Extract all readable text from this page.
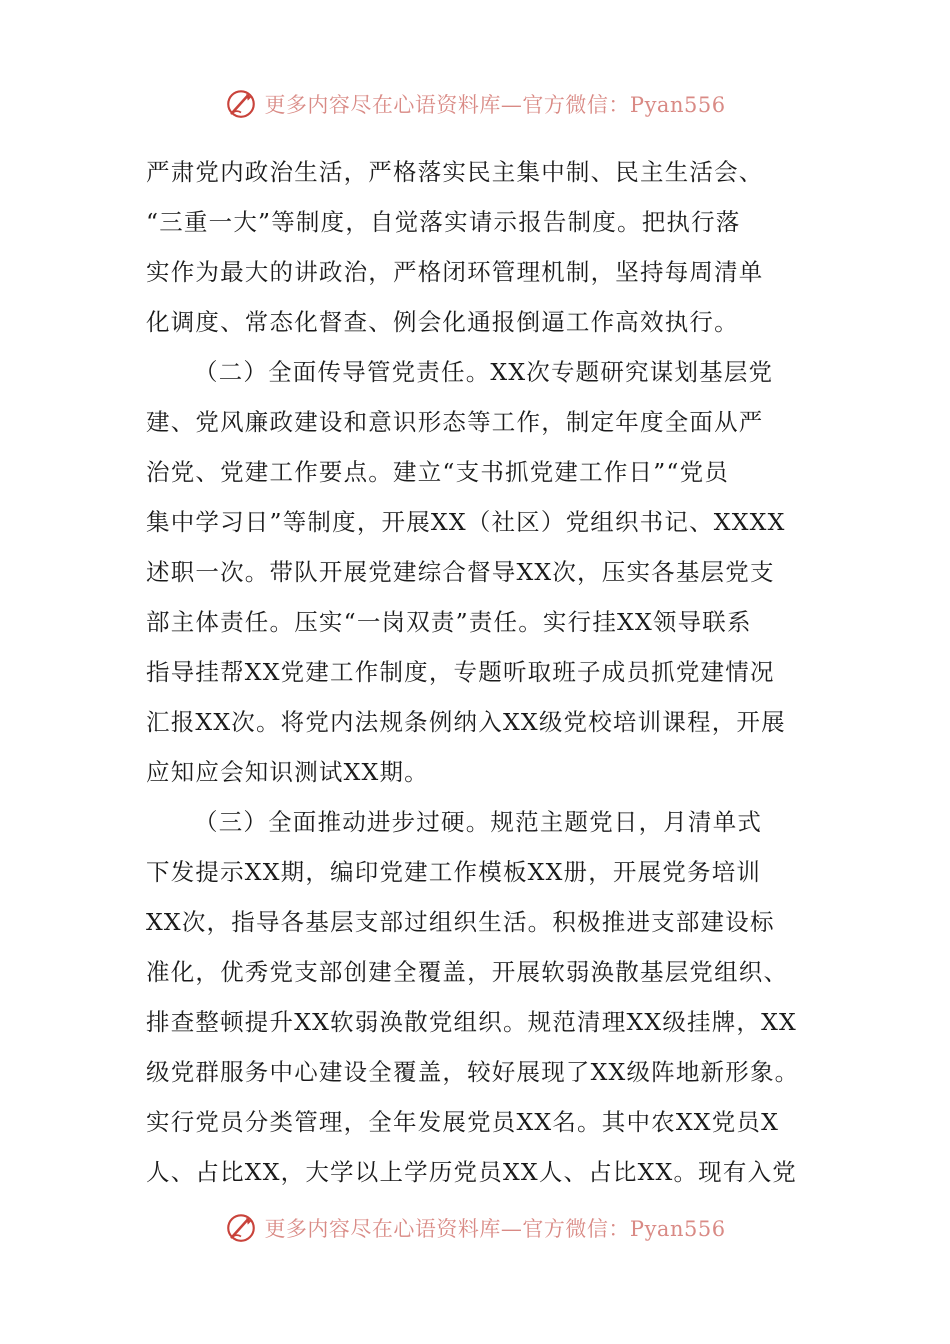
更多内容尽在心语资料库—官方微信：Pyan556
严肃党内政治生活，严格落实民主集中制、民主生活会、
“三重一大”等制度，自觉落实请示报告制度。把执行落
实作为最大的讲政治，严格闭环管理机制，坚持每周清单
化调度、常态化督查、例会化通报倒逼工作高效执行。
（二）全面传导管党责任。XX次专题研究谋划基层党
建、党风廉政建设和意识形态等工作，制定年度全面从严
治党、党建工作要点。建立“支书抓党建工作日”“党员
集中学习日”等制度，开展XX（社区）党组织书记、XXXX
述职一次。带队开展党建综合督导XX次，压实各基层党支
部主体责任。压实“一岗双责”责任。实行挂XX领导联系
指导挂帮XX党建工作制度，专题听取班子成员抓党建情况
汇报XX次。将党内法规条例纳入XX级党校培训课程，开展
应知应会知识测试XX期。
（三）全面推动进步过硬。规范主题党日，月清单式
下发提示XX期，编印党建工作模板XX册，开展党务培训
XX次，指导各基层支部过组织生活。积极推进支部建设标
准化，优秀党支部创建全覆盖，开展软弱涣散基层党组织、
排查整顿提升XX软弱涣散党组织。规范清理XX级挂牌，XX
级党群服务中心建设全覆盖，较好展现了XX级阵地新形象。
实行党员分类管理，全年发展党员XX名。其中农XX党员X
人、占比XX，大学以上学历党员XX人、占比XX。现有入党
更多内容尽在心语资料库—官方微信：Pyan556
